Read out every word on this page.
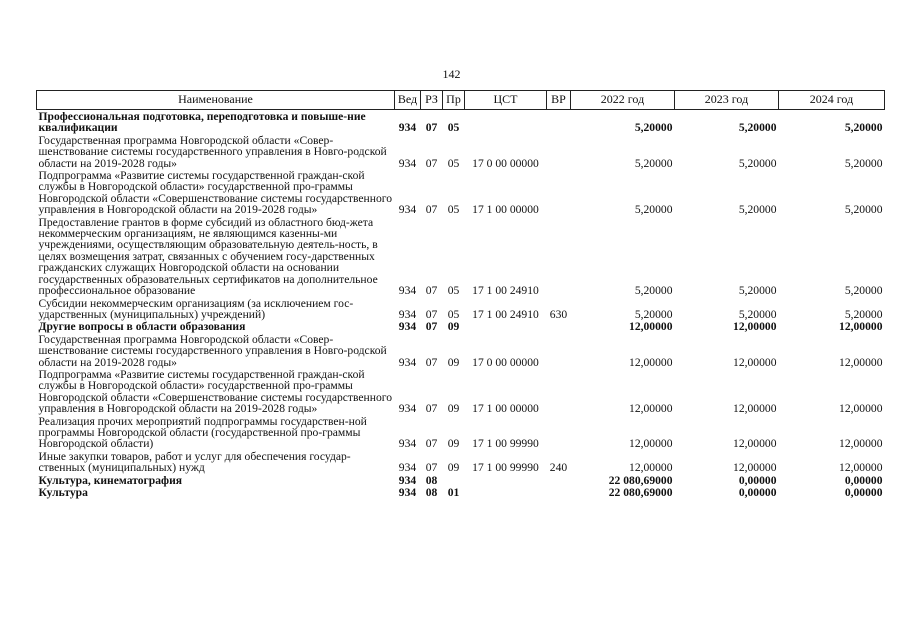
142
Наименование	Вед	РЗ	Пр	ЦСТ	ВР	2022 год	2023 год	2024 год
Профессиональная подготовка, переподготовка и повыше-ние квалификации	934	07	05			5,20000	5,20000	5,20000
Государственная программа Новгородской области «Совер-шенствование системы государственного управления в Новго-родской области на 2019-2028 годы»	934	07	05	17 0 00 00000		5,20000	5,20000	5,20000
Подпрограмма «Развитие системы государственной граждан-ской службы в Новгородской области» государственной про-граммы Новгородской области «Совершенствование системы государственного управления в Новгородской области на 2019-2028 годы»	934	07	05	17 1 00 00000		5,20000	5,20000	5,20000
Предоставление грантов в форме субсидий из областного бюд-жета некоммерческим организациям, не являющимся казенны-ми учреждениями, осуществляющим образовательную деятель-ность, в целях возмещения затрат, связанных с обучением госу-дарственных гражданских служащих Новгородской области на основании государственных образовательных сертификатов на дополнительное профессиональное образование	934	07	05	17 1 00 24910		5,20000	5,20000	5,20000
Субсидии некоммерческим организациям (за исключением гос-ударственных (муниципальных) учреждений)	934	07	05	17 1 00 24910	630	5,20000	5,20000	5,20000
Другие вопросы в области образования	934	07	09			12,00000	12,00000	12,00000
Государственная программа Новгородской области «Совер-шенствование системы государственного управления в Новго-родской области на 2019-2028 годы»	934	07	09	17 0 00 00000		12,00000	12,00000	12,00000
Подпрограмма «Развитие системы государственной граждан-ской службы в Новгородской области» государственной про-граммы Новгородской области «Совершенствование системы государственного управления в Новгородской области на 2019-2028 годы»	934	07	09	17 1 00 00000		12,00000	12,00000	12,00000
Реализация прочих мероприятий подпрограммы государствен-ной программы Новгородской области (государственной про-граммы Новгородской области)	934	07	09	17 1 00 99990		12,00000	12,00000	12,00000
Иные закупки товаров, работ и услуг для обеспечения государ-ственных (муниципальных) нужд	934	07	09	17 1 00 99990	240	12,00000	12,00000	12,00000
Культура, кинематография	934	08				22 080,69000	0,00000	0,00000
Культура	934	08	01			22 080,69000	0,00000	0,00000
